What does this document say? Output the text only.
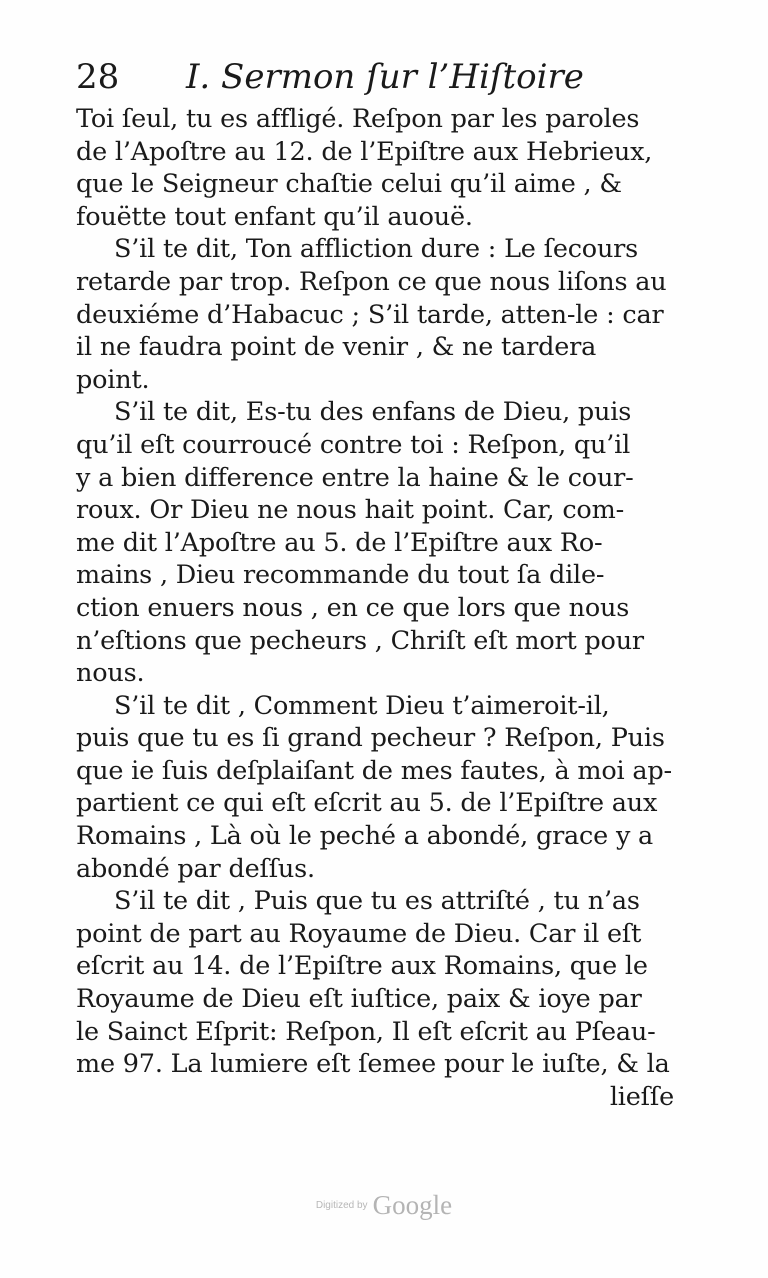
28 I. Sermon ſur l’Hiſtoire

Toi ſeul, tu es affligé. Reſpon par les paroles
de l’Apoſtre au 12. de l’Epiſtre aux Hebrieux,
que le Seigneur chaſtie celui qu’il aime , &
fouëtte tout enfant qu’il auouë.

S’il te dit, Ton affliction dure : Le ſecours
retarde par trop. Reſpon ce que nous liſons au
deuxiéme d’Habacuc ; S’il tarde, atten-le : car
il ne faudra point de venir , & ne tardera
point.

S’il te dit, Es-tu des enfans de Dieu, puis
qu’il eſt courroucé contre toi : Reſpon, qu’il
y a bien difference entre la haine & le cour-
roux. Or Dieu ne nous hait point. Car, com-
me dit l’Apoſtre au 5. de l’Epiſtre aux Ro-
mains , Dieu recommande du tout ſa dile-
ction enuers nous , en ce que lors que nous
n’eſtions que pecheurs , Chriſt eſt mort pour
nous.

S’il te dit , Comment Dieu t’aimeroit-il,
puis que tu es ſi grand pecheur ? Reſpon, Puis
que ie ſuis deſplaiſant de mes fautes, à moi ap-
partient ce qui eſt eſcrit au 5. de l’Epiſtre aux
Romains , Là où le peché a abondé, grace y a
abondé par deſſus.

S’il te dit , Puis que tu es attriſté , tu n’as
point de part au Royaume de Dieu. Car il eſt
eſcrit au 14. de l’Epiſtre aux Romains, que le
Royaume de Dieu eſt iuſtice, paix & ioye par
le Sainct Eſprit: Reſpon, Il eſt eſcrit au Pſeau-
me 97. La lumiere eſt ſemee pour le iuſte, & la
lieſſe

Digitized by Google
